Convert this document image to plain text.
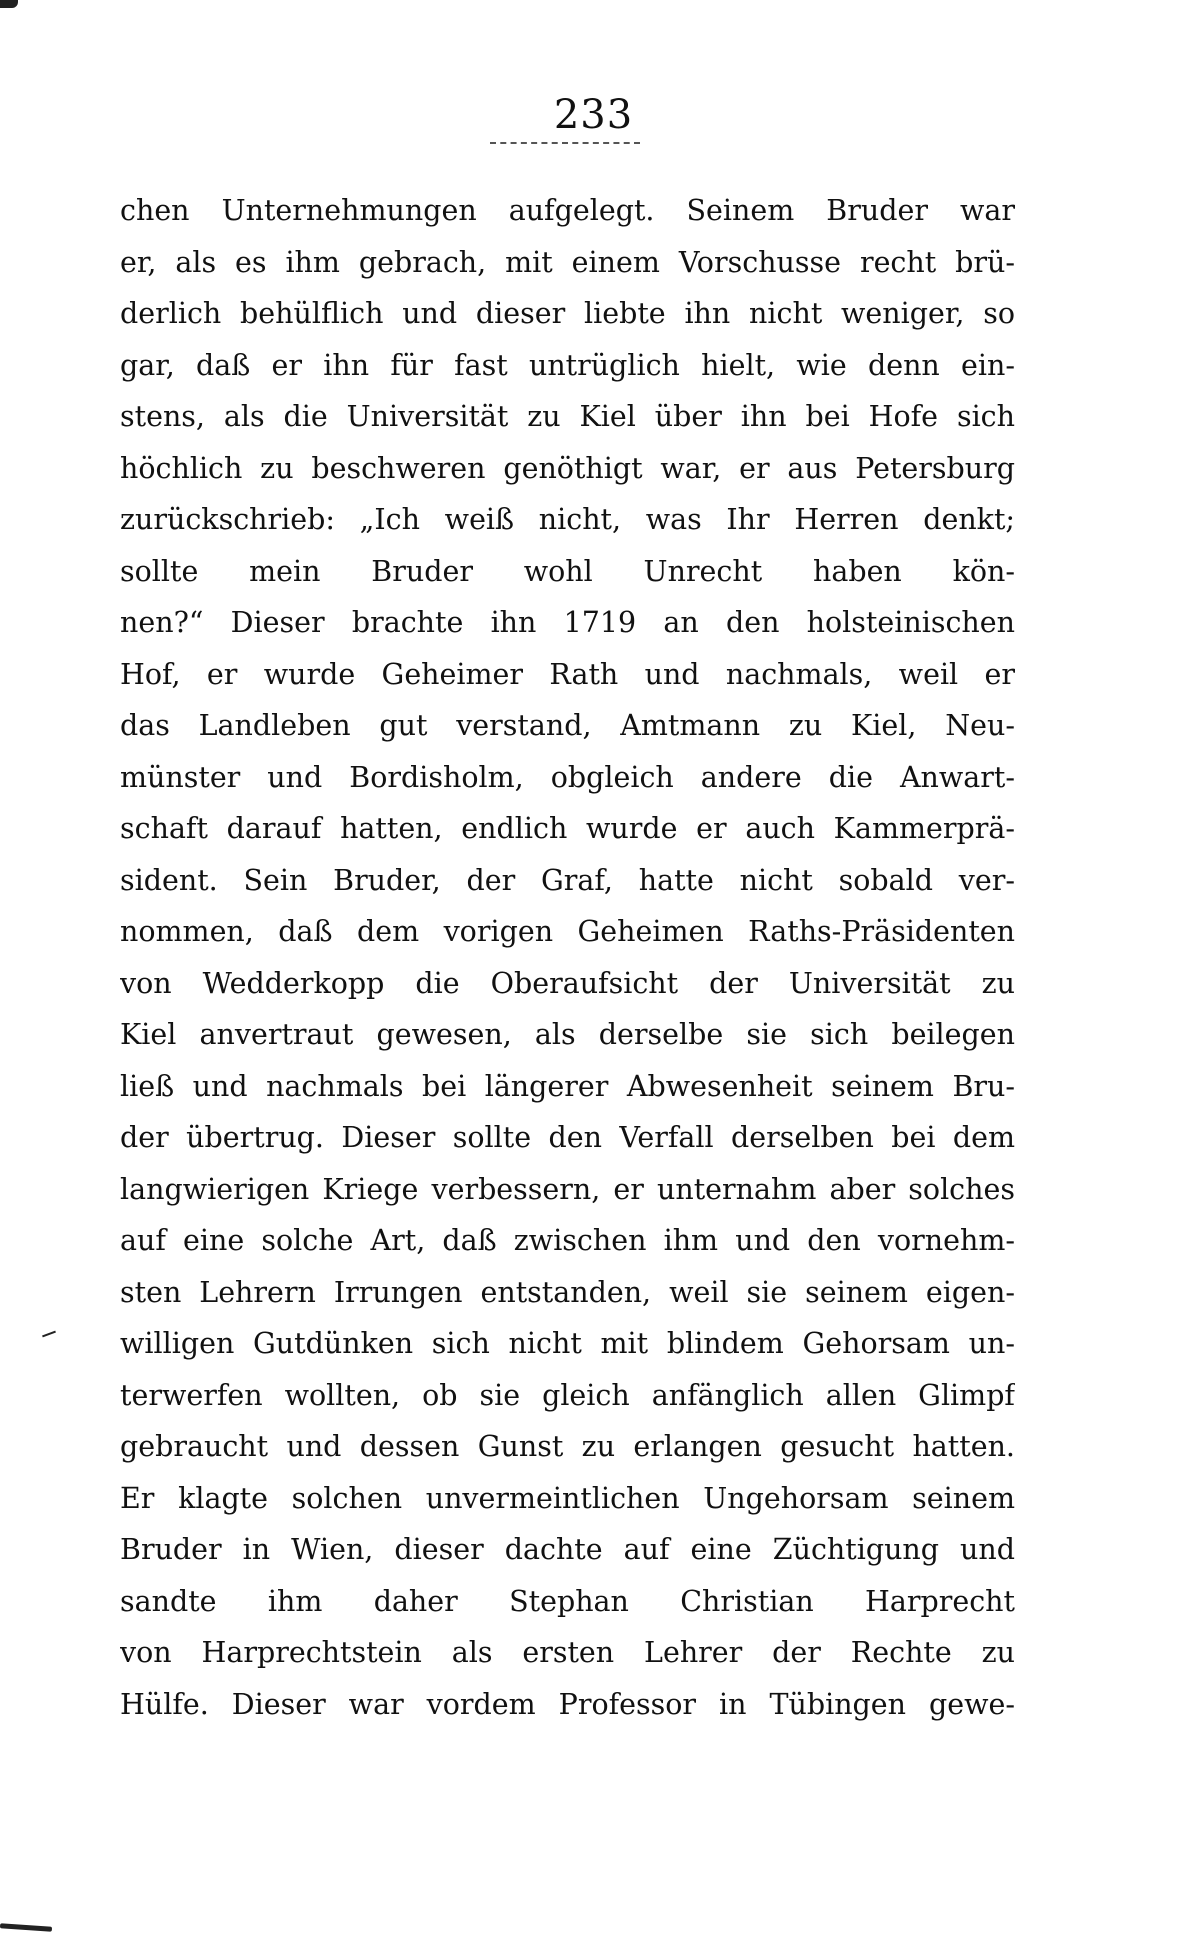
233

chen Unternehmungen aufgelegt. Seinem Bruder war
er, als es ihm gebrach, mit einem Vorschusse recht brü-
derlich behülflich und dieser liebte ihn nicht weniger, so
gar, daß er ihn für fast untrüglich hielt, wie denn ein-
stens, als die Universität zu Kiel über ihn bei Hofe sich
höchlich zu beschweren genöthigt war, er aus Petersburg
zurückschrieb: „Ich weiß nicht, was Ihr Herren denkt;
sollte mein Bruder wohl Unrecht haben kön-
nen?“ Dieser brachte ihn 1719 an den holsteinischen
Hof, er wurde Geheimer Rath und nachmals, weil er
das Landleben gut verstand, Amtmann zu Kiel, Neu-
münster und Bordisholm, obgleich andere die Anwart-
schaft darauf hatten, endlich wurde er auch Kammerprä-
sident. Sein Bruder, der Graf, hatte nicht sobald ver-
nommen, daß dem vorigen Geheimen Raths-Präsidenten
von Wedderkopp die Oberaufsicht der Universität zu
Kiel anvertraut gewesen, als derselbe sie sich beilegen
ließ und nachmals bei längerer Abwesenheit seinem Bru-
der übertrug. Dieser sollte den Verfall derselben bei dem
langwierigen Kriege verbessern, er unternahm aber solches
auf eine solche Art, daß zwischen ihm und den vornehm-
sten Lehrern Irrungen entstanden, weil sie seinem eigen-
willigen Gutdünken sich nicht mit blindem Gehorsam un-
terwerfen wollten, ob sie gleich anfänglich allen Glimpf
gebraucht und dessen Gunst zu erlangen gesucht hatten.
Er klagte solchen unvermeintlichen Ungehorsam seinem
Bruder in Wien, dieser dachte auf eine Züchtigung und
sandte ihm daher Stephan Christian Harprecht
von Harprechtstein als ersten Lehrer der Rechte zu
Hülfe. Dieser war vordem Professor in Tübingen gewe-
